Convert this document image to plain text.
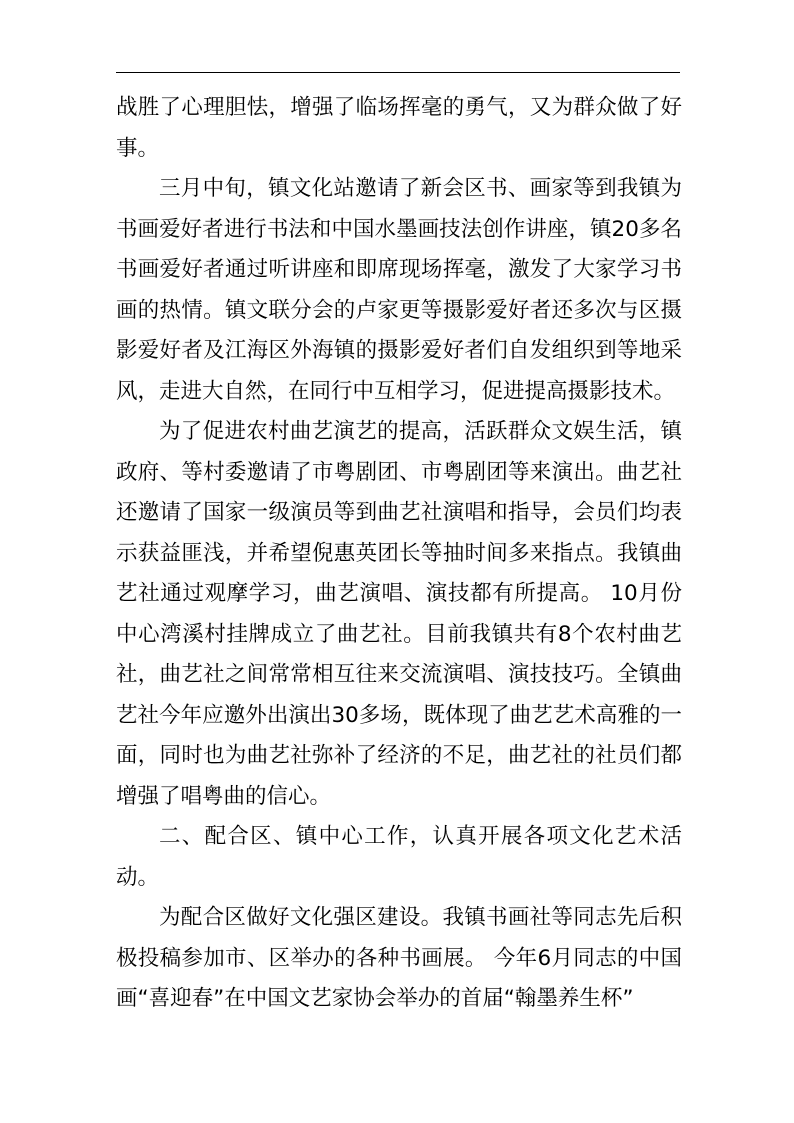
战胜了心理胆怯，增强了临场挥毫的勇气，又为群众做了好事。

三月中旬，镇文化站邀请了新会区书、画家等到我镇为书画爱好者进行书法和中国水墨画技法创作讲座，镇20多名书画爱好者通过听讲座和即席现场挥毫，激发了大家学习书画的热情。镇文联分会的卢家更等摄影爱好者还多次与区摄影爱好者及江海区外海镇的摄影爱好者们自发组织到等地采风，走进大自然，在同行中互相学习，促进提高摄影技术。

为了促进农村曲艺演艺的提高，活跃群众文娱生活，镇政府、等村委邀请了市粤剧团、市粤剧团等来演出。曲艺社还邀请了国家一级演员等到曲艺社演唱和指导，会员们均表示获益匪浅，并希望倪惠英团长等抽时间多来指点。我镇曲艺社通过观摩学习，曲艺演唱、演技都有所提高。 10月份中心湾溪村挂牌成立了曲艺社。目前我镇共有8个农村曲艺社，曲艺社之间常常相互往来交流演唱、演技技巧。全镇曲艺社今年应邀外出演出30多场，既体现了曲艺艺术高雅的一面，同时也为曲艺社弥补了经济的不足，曲艺社的社员们都增强了唱粤曲的信心。

二、配合区、镇中心工作，认真开展各项文化艺术活动。

为配合区做好文化强区建设。我镇书画社等同志先后积极投稿参加市、区举办的各种书画展。 今年6月同志的中国画“喜迎春”在中国文艺家协会举办的首届“翰墨养生杯”
